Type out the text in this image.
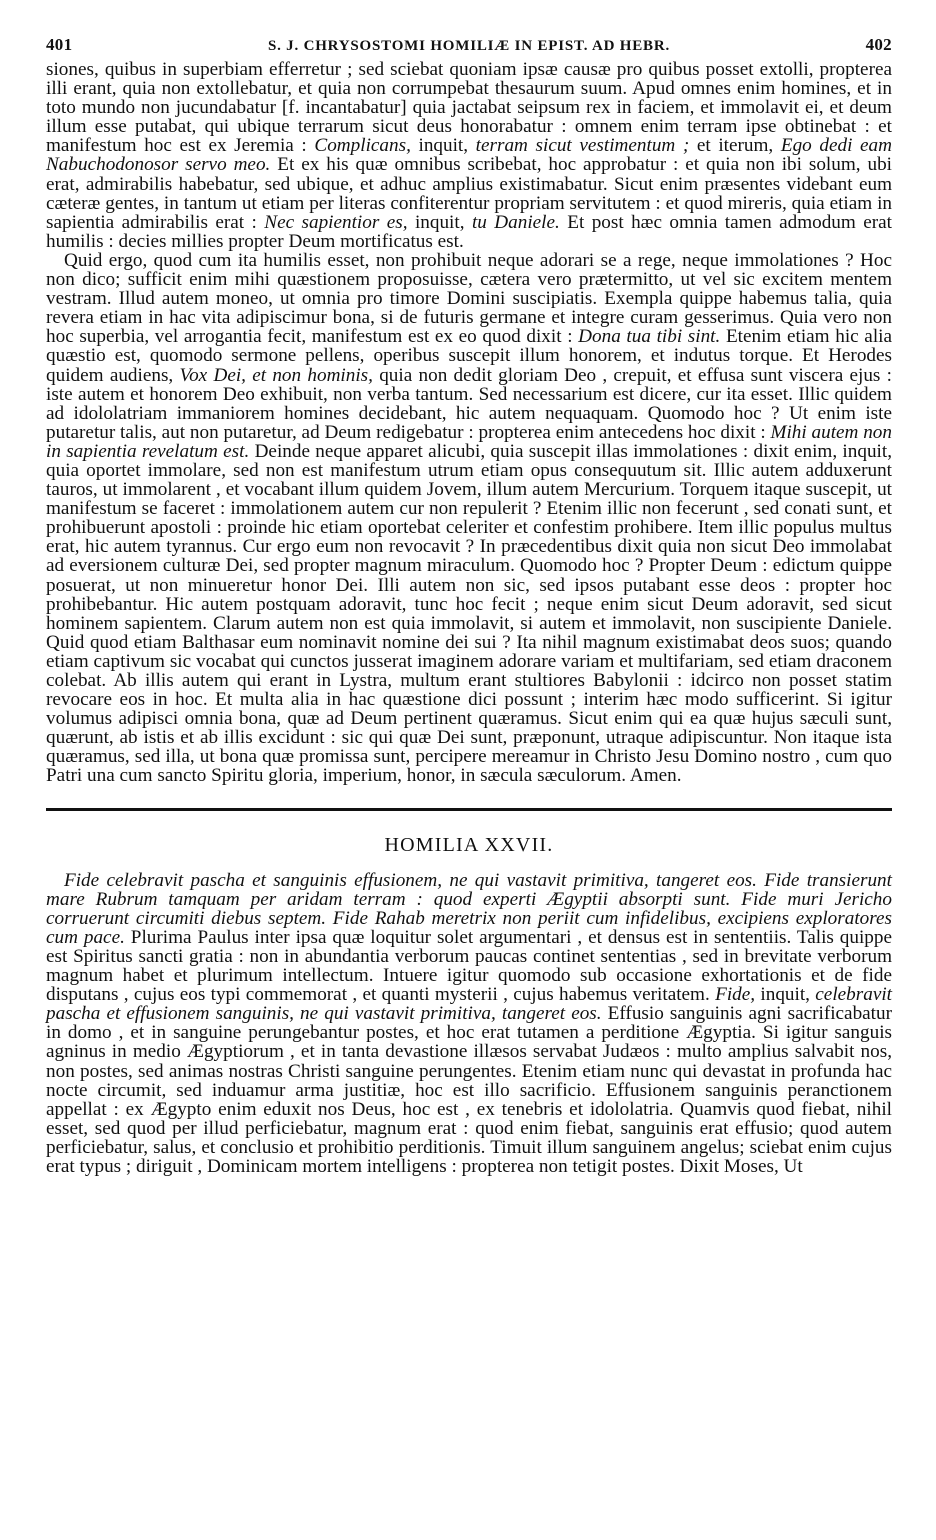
401	S. J. CHRYSOSTOMI HOMILIÆ IN EPIST. AD HEBR.	402

siones, quibus in superbiam efferretur ; sed sciebat quoniam ipsæ causæ pro quibus posset extolli, propterea illi erant, quia non extollebatur, et quia non corrumpebat thesaurum suum. Apud omnes enim homines, et in toto mundo non jucundabatur [f. incantabatur] quia jactabat seipsum rex in faciem, et immolavit ei, et deum illum esse putabat, qui ubique terrarum sicut deus honorabatur : omnem enim terram ipse obtinebat : et manifestum hoc est ex Jeremia : Complicans, inquit, terram sicut vestimentum ; et iterum, Ego dedi eam Nabuchodonosor servo meo. Et ex his quæ omnibus scribebat, hoc approbatur : et quia non ibi solum, ubi erat, admirabilis habebatur, sed ubique, et adhuc amplius existimabatur. Sicut enim præsentes videbant eum cæteræ gentes, in tantum ut etiam per literas confiterentur propriam servitutem : et quod mireris, quia etiam in sapientia admirabilis erat : Nec sapientior es, inquit, tu Daniele. Et post hæc omnia tamen admodum erat humilis : decies millies propter Deum mortificatus est.

Quid ergo, quod cum ita humilis esset, non prohibuit neque adorari se a rege, neque immolationes ? Hoc non dico; sufficit enim mihi quæstionem proposuisse, cætera vero prætermitto, ut vel sic excitem mentem vestram. Illud autem moneo, ut omnia pro timore Domini suscipiatis. Exempla quippe habemus talia, quia revera etiam in hac vita adipiscimur bona, si de futuris germane et integre curam gesserimus. Quia vero non hoc superbia, vel arrogantia fecit, manifestum est ex eo quod dixit : Dona tua tibi sint. Etenim etiam hic alia quæstio est, quomodo sermone pellens, operibus suscepit illum honorem, et indutus torque. Et Herodes quidem audiens, Vox Dei, et non hominis, quia non dedit gloriam Deo , crepuit, et effusa sunt viscera ejus : iste autem et honorem Deo exhibuit, non verba tantum. Sed necessarium est dicere, cur ita esset. Illic quidem ad idololatriam immaniorem homines decidebant, hic autem nequaquam. Quomodo hoc ? Ut enim iste putaretur talis, aut non putaretur, ad Deum redigebatur : propterea enim antecedens hoc dixit : Mihi autem non in sapientia revelatum est. Deinde neque apparet alicubi, quia suscepit illas immolationes : dixit enim, inquit, quia oportet immolare, sed non est manifestum utrum etiam opus consequutum sit. Illic autem adduxerunt tauros, ut immolarent , et vocabant illum quidem Jovem, illum autem Mercurium. Torquem itaque suscepit, ut manifestum se faceret : immolationem autem cur non repulerit ? Etenim illic non fecerunt , sed conati sunt, et prohibuerunt apostoli : proinde hic etiam oportebat celeriter et confestim prohibere. Item illic populus multus erat, hic autem tyrannus. Cur ergo eum non revocavit ? In præcedentibus dixit quia non sicut Deo immolabat ad eversionem culturæ Dei, sed propter magnum miraculum. Quomodo hoc ? Propter Deum : edictum quippe posuerat, ut non minueretur honor Dei. Illi autem non sic, sed ipsos putabant esse deos : propter hoc prohibebantur. Hic autem postquam adoravit, tunc hoc fecit ; neque enim sicut Deum adoravit, sed sicut hominem sapientem. Clarum autem non est quia immolavit, si autem et immolavit, non suscipiente Daniele. Quid quod etiam Balthasar eum nominavit nomine dei sui ? Ita nihil magnum existimabat deos suos; quando etiam captivum sic vocabat qui cunctos jusserat imaginem adorare variam et multifariam, sed etiam draconem colebat. Ab illis autem qui erant in Lystra, multum erant stultiores Babylonii : idcirco non posset statim revocare eos in hoc. Et multa alia in hac quæstione dici possunt ; interim hæc modo sufficerint. Si igitur volumus adipisci omnia bona, quæ ad Deum pertinent quæramus. Sicut enim qui ea quæ hujus sæculi sunt, quærunt, ab istis et ab illis excidunt : sic qui quæ Dei sunt, præponunt, utraque adipiscuntur. Non itaque ista quæramus, sed illa, ut bona quæ promissa sunt, percipere mereamur in Christo Jesu Domino nostro , cum quo Patri una cum sancto Spiritu gloria, imperium, honor, in sæcula sæculorum. Amen.

HOMILIA XXVII.

Fide celebravit pascha et sanguinis effusionem, ne qui vastavit primitiva, tangeret eos. Fide transierunt mare Rubrum tamquam per aridam terram : quod experti Ægyptii absorpti sunt. Fide muri Jericho corruerunt circumiti diebus septem. Fide Rahab meretrix non periit cum infidelibus, excipiens exploratores cum pace. Plurima Paulus inter ipsa quæ loquitur solet argumentari , et densus est in sententiis. Talis quippe est Spiritus sancti gratia : non in abundantia verborum paucas continet sententias , sed in brevitate verborum magnum habet et plurimum intellectum. Intuere igitur quomodo sub occasione exhortationis et de fide disputans , cujus eos typi commemorat , et quanti mysterii , cujus habemus veritatem. Fide, inquit, celebravit pascha et effusionem sanguinis, ne qui vastavit primitiva, tangeret eos. Effusio sanguinis agni sacrificabatur in domo , et in sanguine perungebantur postes, et hoc erat tutamen a perditione Ægyptia. Si igitur sanguis agninus in medio Ægyptiorum , et in tanta devastione illæsos servabat Judæos : multo amplius salvabit nos, non postes, sed animas nostras Christi sanguine perungentes. Etenim etiam nunc qui devastat in profunda hac nocte circumit, sed induamur arma justitiæ, hoc est illo sacrificio. Effusionem sanguinis peranctionem appellat : ex Ægypto enim eduxit nos Deus, hoc est , ex tenebris et idololatria. Quamvis quod fiebat, nihil esset, sed quod per illud perficiebatur, magnum erat : quod enim fiebat, sanguinis erat effusio; quod autem perficiebatur, salus, et conclusio et prohibitio perditionis. Timuit illum sanguinem angelus; sciebat enim cujus erat typus ; diriguit , Dominicam mortem intelligens : propterea non tetigit postes. Dixit Moses, Ut
